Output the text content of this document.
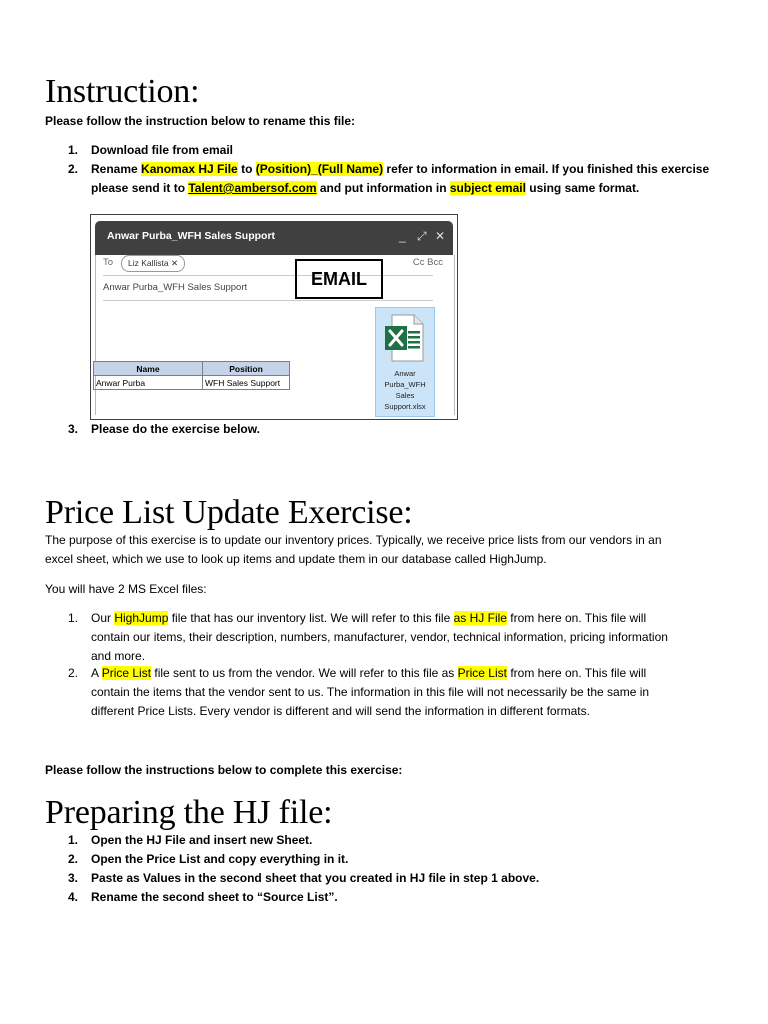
Instruction:

Please follow the instruction below to rename this file:

1. Download file from email
2. Rename Kanomax HJ File to (Position)_(Full Name) refer to information in email. If you finished this exercise
please send it to Talent@ambersof.com and put information in subject email using same format.
Anwar Purba_WFH Sales Support	_ ⤢ ✕
To	Liz Kallista ✕	Cc Bcc
Anwar Purba_WFH Sales Support	EMAIL
Anwar
Purba_WFH
Sales
Support.xlsx
Name	Position
Anwar Purba	WFH Sales Support
3. Please do the exercise below.
Price List Update Exercise:

The purpose of this exercise is to update our inventory prices. Typically, we receive price lists from our vendors in an
excel sheet, which we use to look up items and update them in our database called HighJump.

You will have 2 MS Excel files:

1. Our HighJump file that has our inventory list. We will refer to this file as HJ File from here on. This file will
contain our items, their description, numbers, manufacturer, vendor, technical information, pricing information
and more.
2. A Price List file sent to us from the vendor. We will refer to this file as Price List from here on. This file will
contain the items that the vendor sent to us. The information in this file will not necessarily be the same in
different Price Lists. Every vendor is different and will send the information in different formats.

Please follow the instructions below to complete this exercise:

Preparing the HJ file:
1. Open the HJ File and insert new Sheet.
2. Open the Price List and copy everything in it.
3. Paste as Values in the second sheet that you created in HJ file in step 1 above.
4. Rename the second sheet to “Source List”.
